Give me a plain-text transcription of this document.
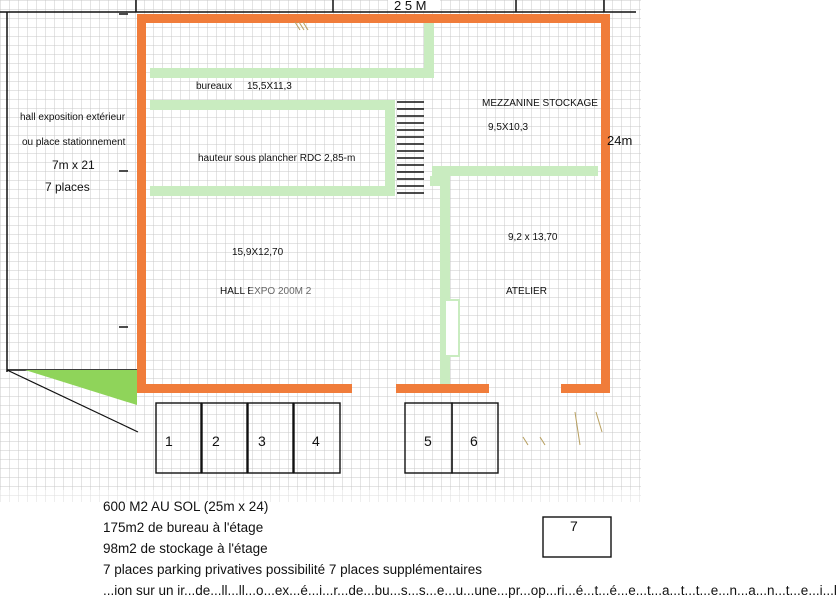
2 5 M
hall exposition extérieur
ou place stationnement
7m x 21
7 places
bureaux 15,5X11,3
MEZZANINE STOCKAGE
9,5X10,3
hauteur sous plancher RDC 2,85-m
24m
9,2 x 13,70
15,9X12,70
HALL EXPO 200M 2	ATELIER
1	2	3	4	5	6
7
600 M2 AU SOL (25m x 24)
175m2 de bureau à l'étage
98m2 de stockage à l'étage
7 places parking privatives possibilité 7 places supplémentaires
...ion sur un ir...de...ll...ll...o...ex...é...i...r...de...bu...s...s...e...u...une...pr...op...ri...é...t...é...e...t...a...t...t...e...n...a...n...t...e...i...l
